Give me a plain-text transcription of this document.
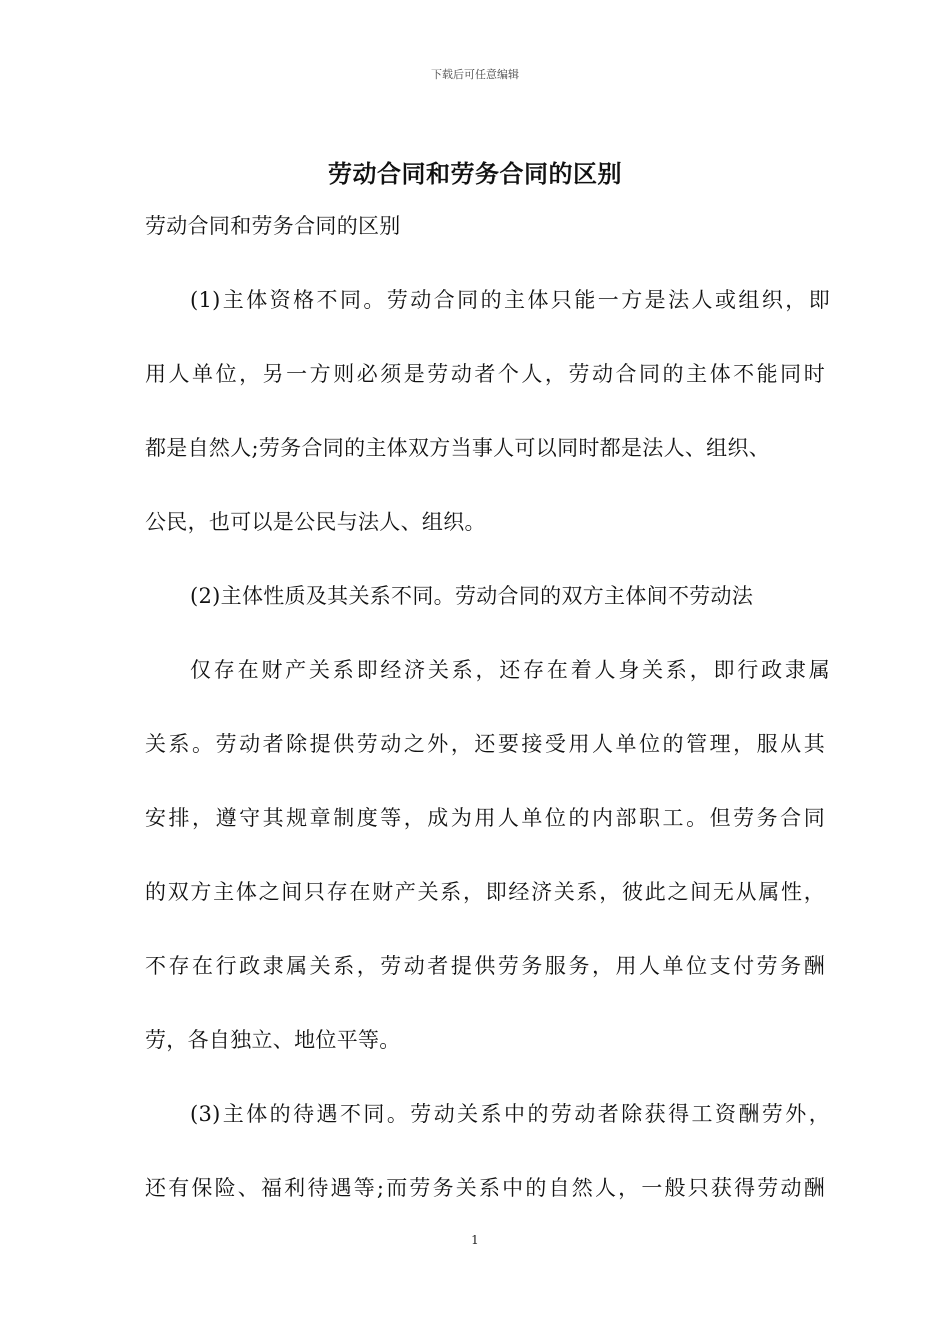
下载后可任意编辑
劳动合同和劳务合同的区别
劳动合同和劳务合同的区别
(1)主体资格不同。劳动合同的主体只能一方是法人或组织，即
用人单位，另一方则必须是劳动者个人，劳动合同的主体不能同时
都是自然人;劳务合同的主体双方当事人可以同时都是法人、组织、
公民，也可以是公民与法人、组织。
(2)主体性质及其关系不同。劳动合同的双方主体间不劳动法
仅存在财产关系即经济关系，还存在着人身关系，即行政隶属
关系。劳动者除提供劳动之外，还要接受用人单位的管理，服从其
安排，遵守其规章制度等，成为用人单位的内部职工。但劳务合同
的双方主体之间只存在财产关系，即经济关系，彼此之间无从属性，
不存在行政隶属关系，劳动者提供劳务服务，用人单位支付劳务酬
劳，各自独立、地位平等。
(3)主体的待遇不同。劳动关系中的劳动者除获得工资酬劳外，
还有保险、福利待遇等;而劳务关系中的自然人，一般只获得劳动酬
1
